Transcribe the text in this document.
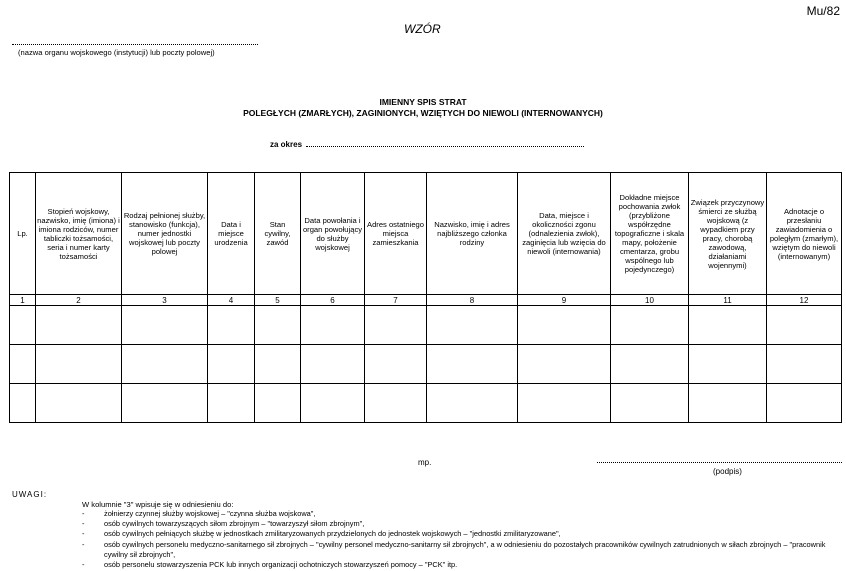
Mu/82
WZÓR
(nazwa organu wojskowego (instytucji) lub poczty polowej)
IMIENNY SPIS STRAT
POLEGŁYCH (ZMARŁYCH), ZAGINIONYCH, WZIĘTYCH DO NIEWOLI (INTERNOWANYCH)
za okres
Lp.	Stopień wojskowy, nazwisko, imię (imiona) i imiona rodziców, numer tabliczki tożsamości, seria i numer karty tożsamości	Rodzaj pełnionej służby, stanowisko (funkcja), numer jednostki wojskowej lub poczty polowej	Data i miejsce urodzenia	Stan cywilny, zawód	Data powołania i organ powołujący do służby wojskowej	Adres ostatniego miejsca zamieszkania	Nazwisko, imię i adres najbliższego członka rodziny	Data, miejsce i okoliczności zgonu (odnalezienia zwłok), zaginięcia lub wzięcia do niewoli (internowania)	Dokładne miejsce pochowania zwłok (przybliżone współrzędne topograficzne i skala mapy, położenie cmentarza, grobu wspólnego lub pojedynczego)	Związek przyczynowy śmierci ze służbą wojskową (z wypadkiem przy pracy, chorobą zawodową, działaniami wojennymi)	Adnotacje o przesłaniu zawiadomienia o poległym (zmarłym), wziętym do niewoli (internowanym)
1	2	3	4	5	6	7	8	9	10	11	12

mp.
(podpis)
UWAGI:
W kolumnie "3" wpisuje się w odniesieniu do:
-	żołnierzy czynnej służby wojskowej – "czynna służba wojskowa",
-	osób cywilnych towarzyszących siłom zbrojnym – "towarzyszył siłom zbrojnym",
-	osób cywilnych pełniących służbę w jednostkach zmilitaryzowanych przydzielonych do jednostek wojskowych – "jednostki zmilitaryzowane",
-	osób cywilnych personelu medyczno-sanitarnego sił zbrojnych – "cywilny personel medyczno-sanitarny sił zbrojnych", a w odniesieniu do pozostałych pracowników cywilnych zatrudnionych w siłach zbrojnych – "pracownik cywilny sił zbrojnych",
-	osób personelu stowarzyszenia PCK lub innych organizacji ochotniczych stowarzyszeń pomocy – "PCK" itp.
